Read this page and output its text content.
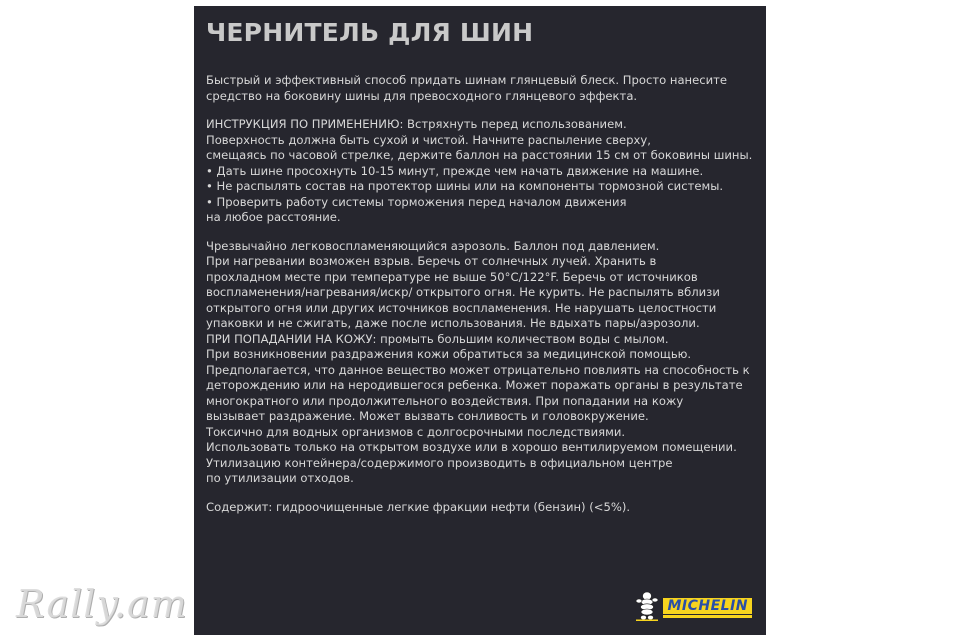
ЧЕРНИТЕЛЬ ДЛЯ ШИН
Быстрый и эффективный способ придать шинам глянцевый блеск. Просто нанесите
средство на боковину шины для превосходного глянцевого эффекта.
ИНСТРУКЦИЯ ПО ПРИМЕНЕНИЮ: Встряхнуть перед использованием.
Поверхность должна быть сухой и чистой. Начните распыление сверху,
смещаясь по часовой стрелке, держите баллон на расстоянии 15 см от боковины шины.
• Дать шине просохнуть 10-15 минут, прежде чем начать движение на машине.
• Не распылять состав на протектор шины или на компоненты тормозной системы.
• Проверить работу системы торможения перед началом движения
на любое расстояние.
Чрезвычайно легковоспламеняющийся аэрозоль. Баллон под давлением.
При нагревании возможен взрыв. Беречь от солнечных лучей. Хранить в
прохладном месте при температуре не выше 50°C/122°F. Беречь от источников
воспламенения/нагревания/искр/ открытого огня. Не курить. Не распылять вблизи
открытого огня или других источников воспламенения. Не нарушать целостности
упаковки и не сжигать, даже после использования. Не вдыхать пары/аэрозоли.
ПРИ ПОПАДАНИИ НА КОЖУ: промыть большим количеством воды с мылом.
При возникновении раздражения кожи обратиться за медицинской помощью.
Предполагается, что данное вещество может отрицательно повлиять на способность к
деторождению или на неродившегося ребенка. Может поражать органы в результате
многократного или продолжительного воздействия. При попадании на кожу
вызывает раздражение. Может вызвать сонливость и головокружение.
Токсично для водных организмов с долгосрочными последствиями.
Использовать только на открытом воздухе или в хорошо вентилируемом помещении.
Утилизацию контейнера/содержимого производить в официальном центре
по утилизации отходов.
Содержит: гидроочищенные легкие фракции нефти (бензин) (<5%).
MICHELIN
Rally.am
